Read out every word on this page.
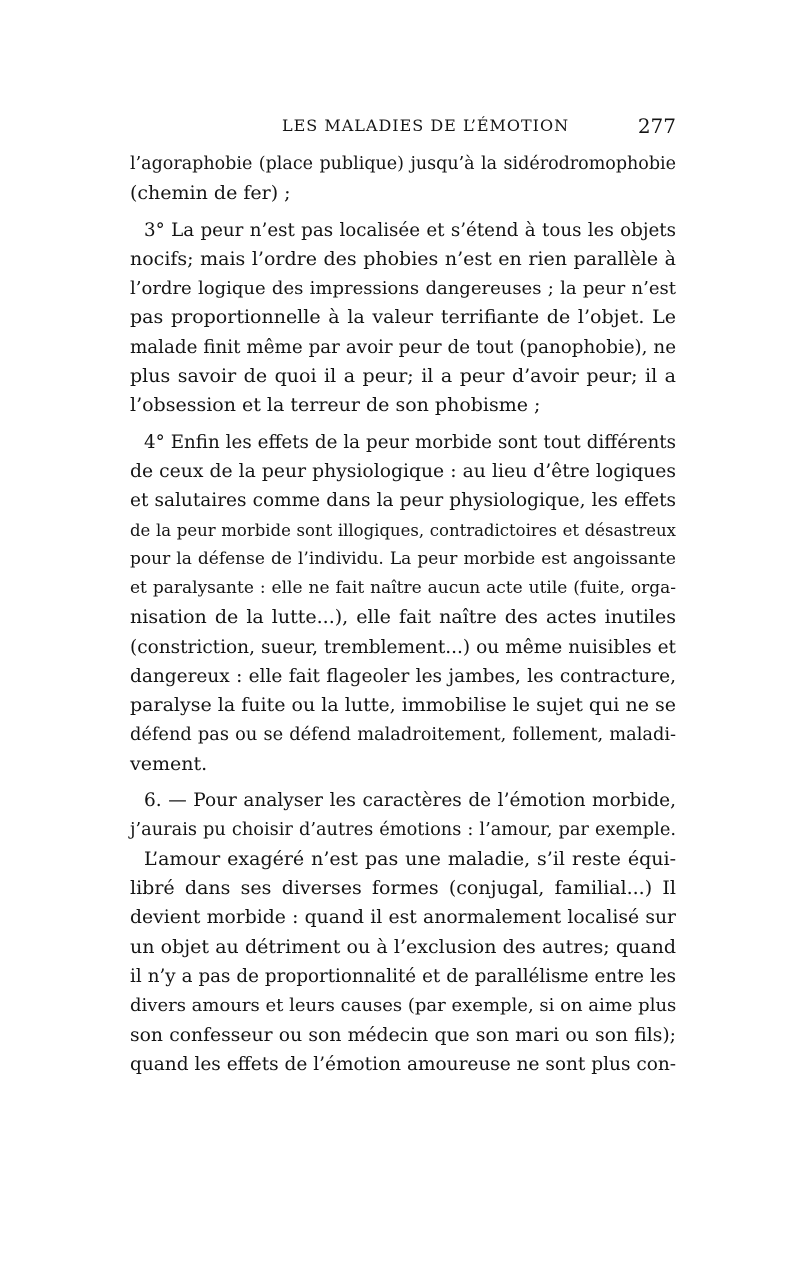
LES MALADIES DE L’ÉMOTION	277
l’agoraphobie (place publique) jusqu’à la sidérodromophobie
(chemin de fer) ;
3° La peur n’est pas localisée et s’étend à tous les objets
nocifs; mais l’ordre des phobies n’est en rien parallèle à
l’ordre logique des impressions dangereuses ; la peur n’est
pas proportionnelle à la valeur terrifiante de l’objet. Le
malade finit même par avoir peur de tout (panophobie), ne
plus savoir de quoi il a peur; il a peur d’avoir peur; il a
l’obsession et la terreur de son phobisme ;
4° Enfin les effets de la peur morbide sont tout différents
de ceux de la peur physiologique : au lieu d’être logiques
et salutaires comme dans la peur physiologique, les effets
de la peur morbide sont illogiques, contradictoires et désastreux
pour la défense de l’individu. La peur morbide est angoissante
et paralysante : elle ne fait naître aucun acte utile (fuite, orga-
nisation de la lutte...), elle fait naître des actes inutiles
(constriction, sueur, tremblement...) ou même nuisibles et
dangereux : elle fait flageoler les jambes, les contracture,
paralyse la fuite ou la lutte, immobilise le sujet qui ne se
défend pas ou se défend maladroitement, follement, maladi-
vement.
6. — Pour analyser les caractères de l’émotion morbide,
j’aurais pu choisir d’autres émotions : l’amour, par exemple.
L’amour exagéré n’est pas une maladie, s’il reste équi-
libré dans ses diverses formes (conjugal, familial...) Il
devient morbide : quand il est anormalement localisé sur
un objet au détriment ou à l’exclusion des autres; quand
il n’y a pas de proportionnalité et de parallélisme entre les
divers amours et leurs causes (par exemple, si on aime plus
son confesseur ou son médecin que son mari ou son fils);
quand les effets de l’émotion amoureuse ne sont plus con-
